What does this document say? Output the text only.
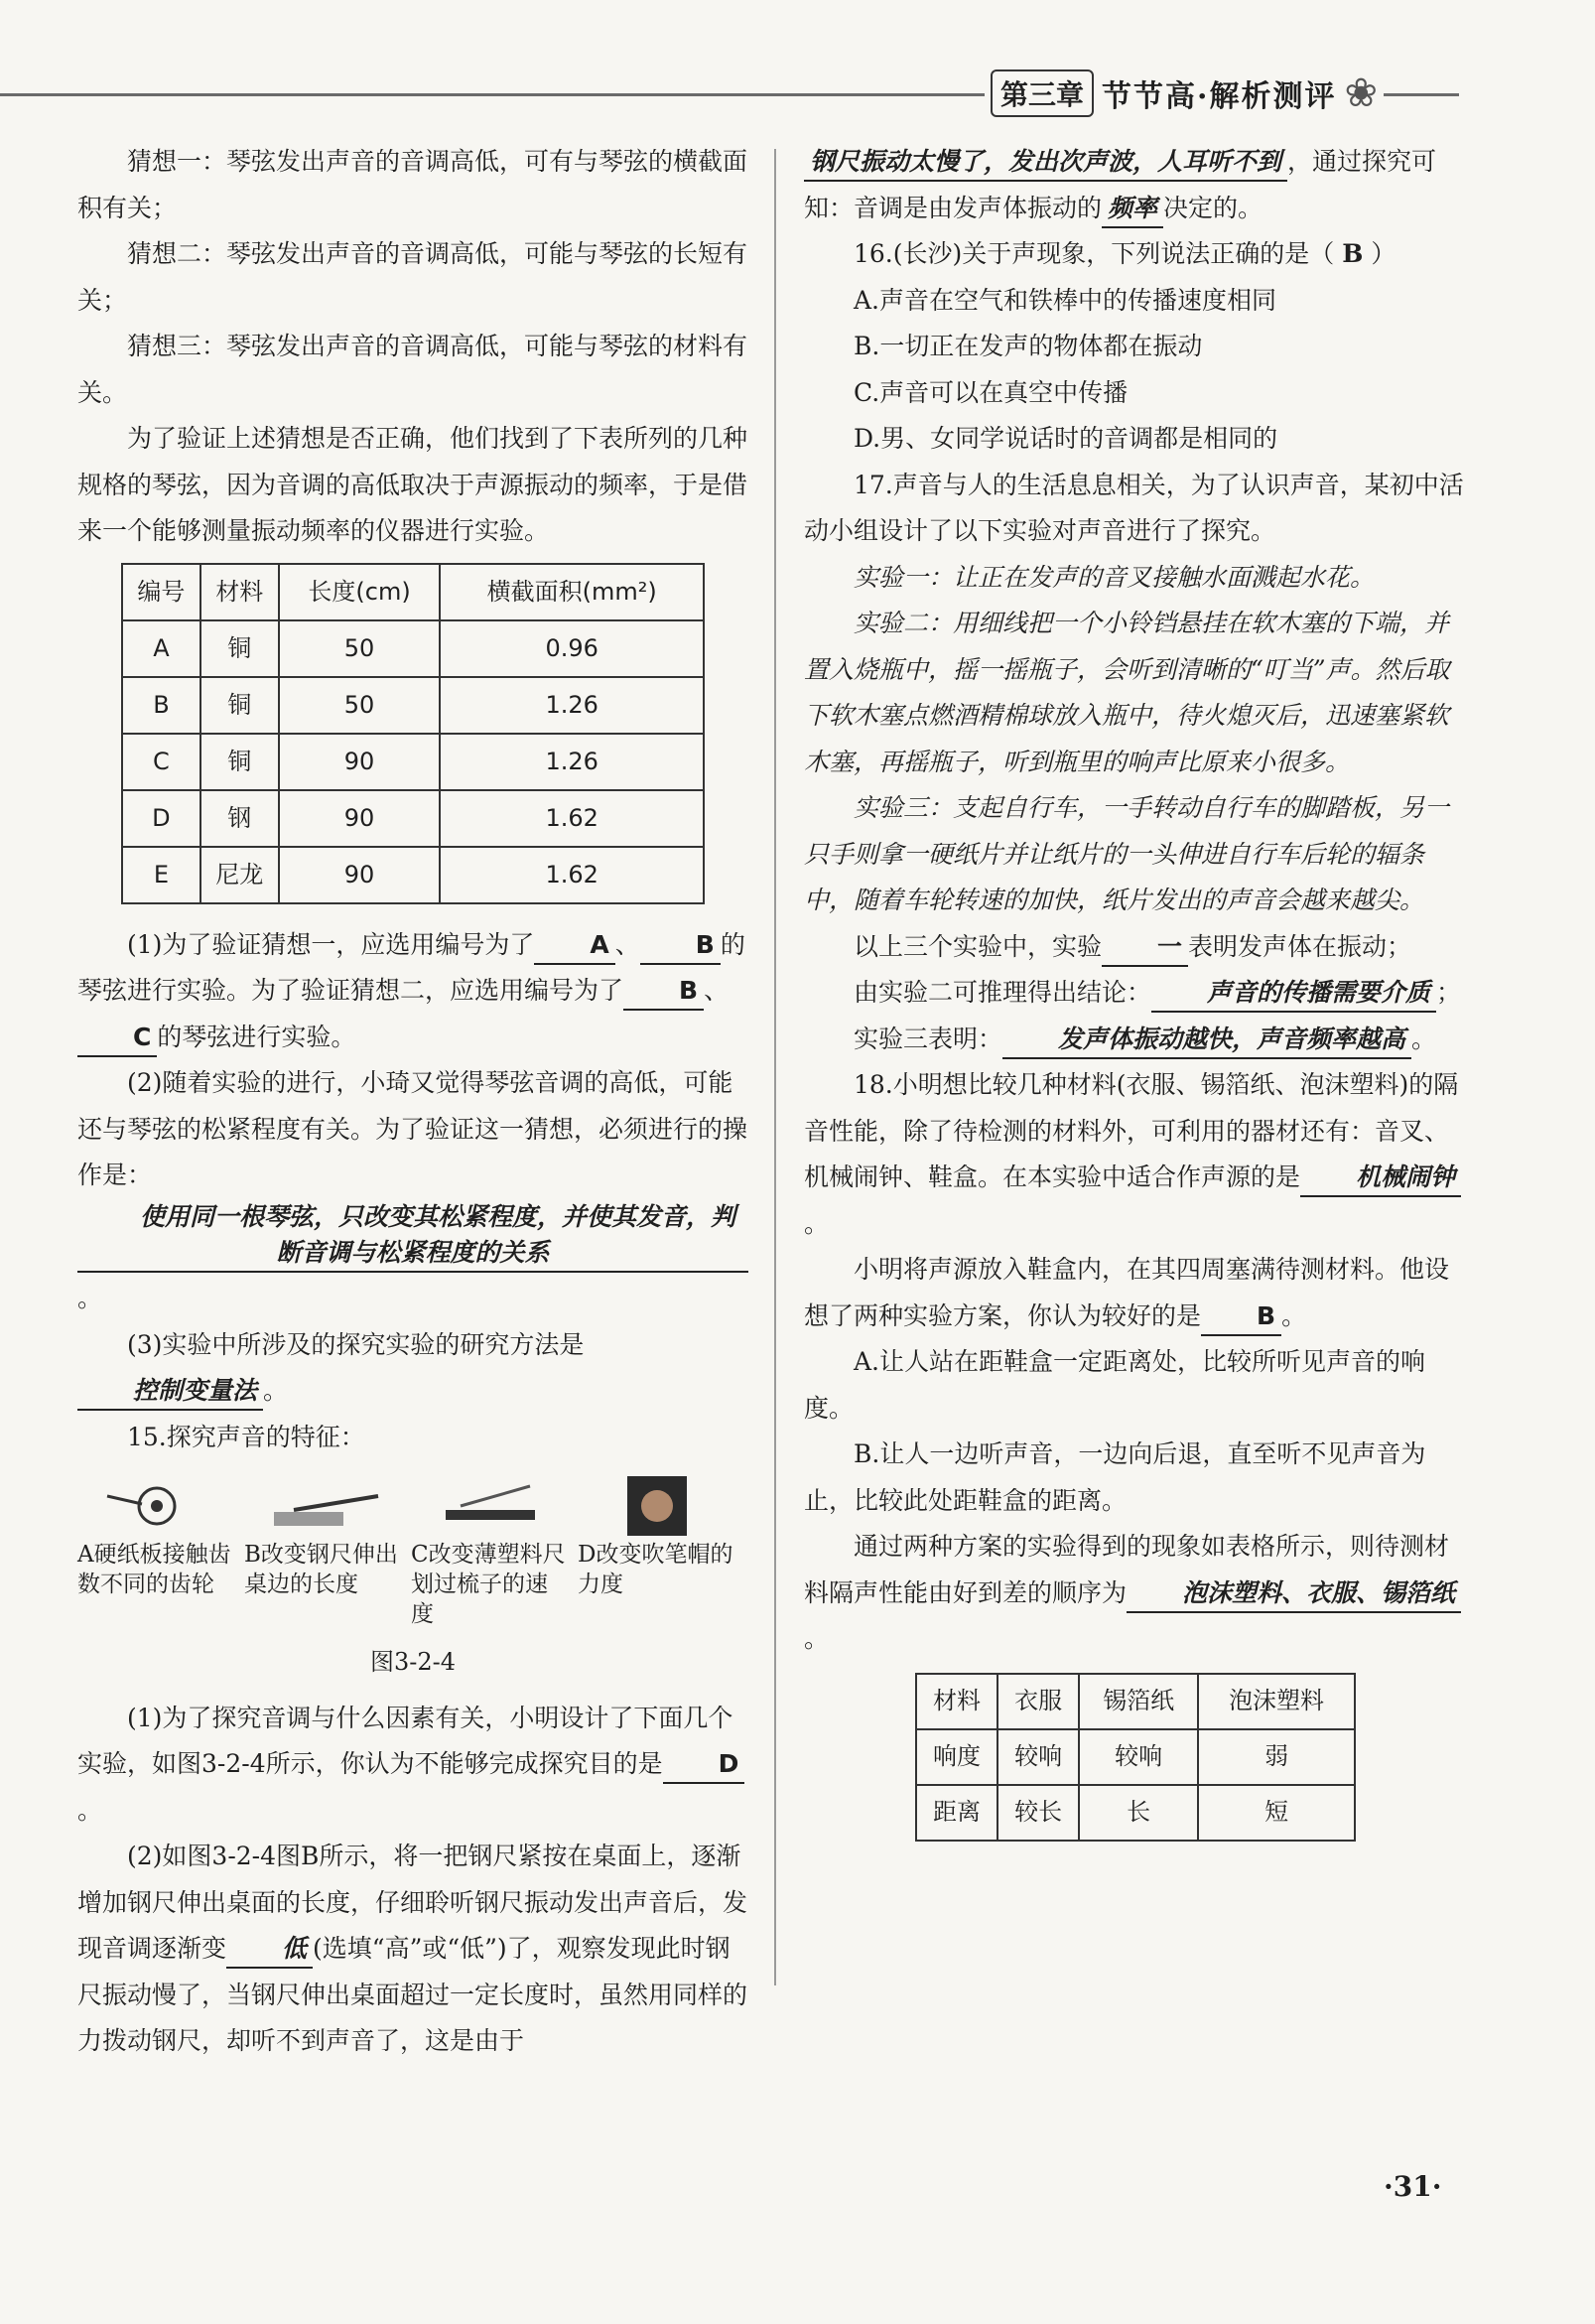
第三章 节节高·解析测评 ❀

猜想一：琴弦发出声音的音调高低，可有与琴弦的横截面积有关；

猜想二：琴弦发出声音的音调高低，可能与琴弦的长短有关；

猜想三：琴弦发出声音的音调高低，可能与琴弦的材料有关。

为了验证上述猜想是否正确，他们找到了下表所列的几种规格的琴弦，因为音调的高低取决于声源振动的频率，于是借来一个能够测量振动频率的仪器进行实验。

编号	材料	长度(cm)	横截面积(mm²)
A	铜	50	0.96
B	铜	50	1.26
C	铜	90	1.26
D	钢	90	1.62
E	尼龙	90	1.62

(1)为了验证猜想一，应选用编号为了 A 、 B 的琴弦进行实验。为了验证猜想二，应选用编号为了 B 、C 的琴弦进行实验。

(2)随着实验的进行，小琦又觉得琴弦音调的高低，可能还与琴弦的松紧程度有关。为了验证这一猜想，必须进行的操作是：使用同一根琴弦，只改变其松紧程度，并使其发音，判断音调与松紧程度的关系。

(3)实验中所涉及的探究实验的研究方法是控制变量法 。

15.探究声音的特征：

A硬纸板接触齿数不同的齿轮
B改变钢尺伸出桌边的长度
C改变薄塑料尺划过梳子的速度
D改变吹笔帽的力度

图3-2-4

(1)为了探究音调与什么因素有关，小明设计了下面几个实验，如图3-2-4所示，你认为不能够完成探究目的是 D。

(2)如图3-2-4图B所示，将一把钢尺紧按在桌面上，逐渐增加钢尺伸出桌面的长度，仔细聆听钢尺振动发出声音后，发现音调逐渐变 低 (选填“高”或“低”)了，观察发现此时钢尺振动慢了，当钢尺伸出桌面超过一定长度时，虽然用同样的力拨动钢尺，却听不到声音了，这是由于

钢尺振动太慢了，发出次声波，人耳听不到 ，通过探究可知：音调是由发声体振动的 频率 决定的。

16.(长沙)关于声现象，下列说法正确的是（ B ）

A.声音在空气和铁棒中的传播速度相同

B.一切正在发声的物体都在振动

C.声音可以在真空中传播

D.男、女同学说话时的音调都是相同的

17.声音与人的生活息息相关，为了认识声音，某初中活动小组设计了以下实验对声音进行了探究。

实验一：让正在发声的音叉接触水面溅起水花。

实验二：用细线把一个小铃铛悬挂在软木塞的下端，并置入烧瓶中，摇一摇瓶子，会听到清晰的“叮当”声。然后取下软木塞点燃酒精棉球放入瓶中，待火熄灭后，迅速塞紧软木塞，再摇瓶子，听到瓶里的响声比原来小很多。

实验三：支起自行车，一手转动自行车的脚踏板，另一只手则拿一硬纸片并让纸片的一头伸进自行车后轮的辐条中，随着车轮转速的加快，纸片发出的声音会越来越尖。

以上三个实验中，实验 一 表明发声体在振动；

由实验二可推理得出结论： 声音的传播需要介质 ；

实验三表明： 发声体振动越快，声音频率越高 。

18.小明想比较几种材料(衣服、锡箔纸、泡沫塑料)的隔音性能，除了待检测的材料外，可利用的器材还有：音叉、机械闹钟、鞋盒。在本实验中适合作声源的是 机械闹钟。

小明将声源放入鞋盒内，在其四周塞满待测材料。他设想了两种实验方案，你认为较好的是 B 。

A.让人站在距鞋盒一定距离处，比较所听见声音的响度。

B.让人一边听声音，一边向后退，直至听不见声音为止，比较此处距鞋盒的距离。

通过两种方案的实验得到的现象如表格所示，则待测材料隔声性能由好到差的顺序为 泡沫塑料、衣服、锡箔纸。

材料	衣服	锡箔纸	泡沫塑料
响度	较响	较响	弱
距离	较长	长	短
·31·
